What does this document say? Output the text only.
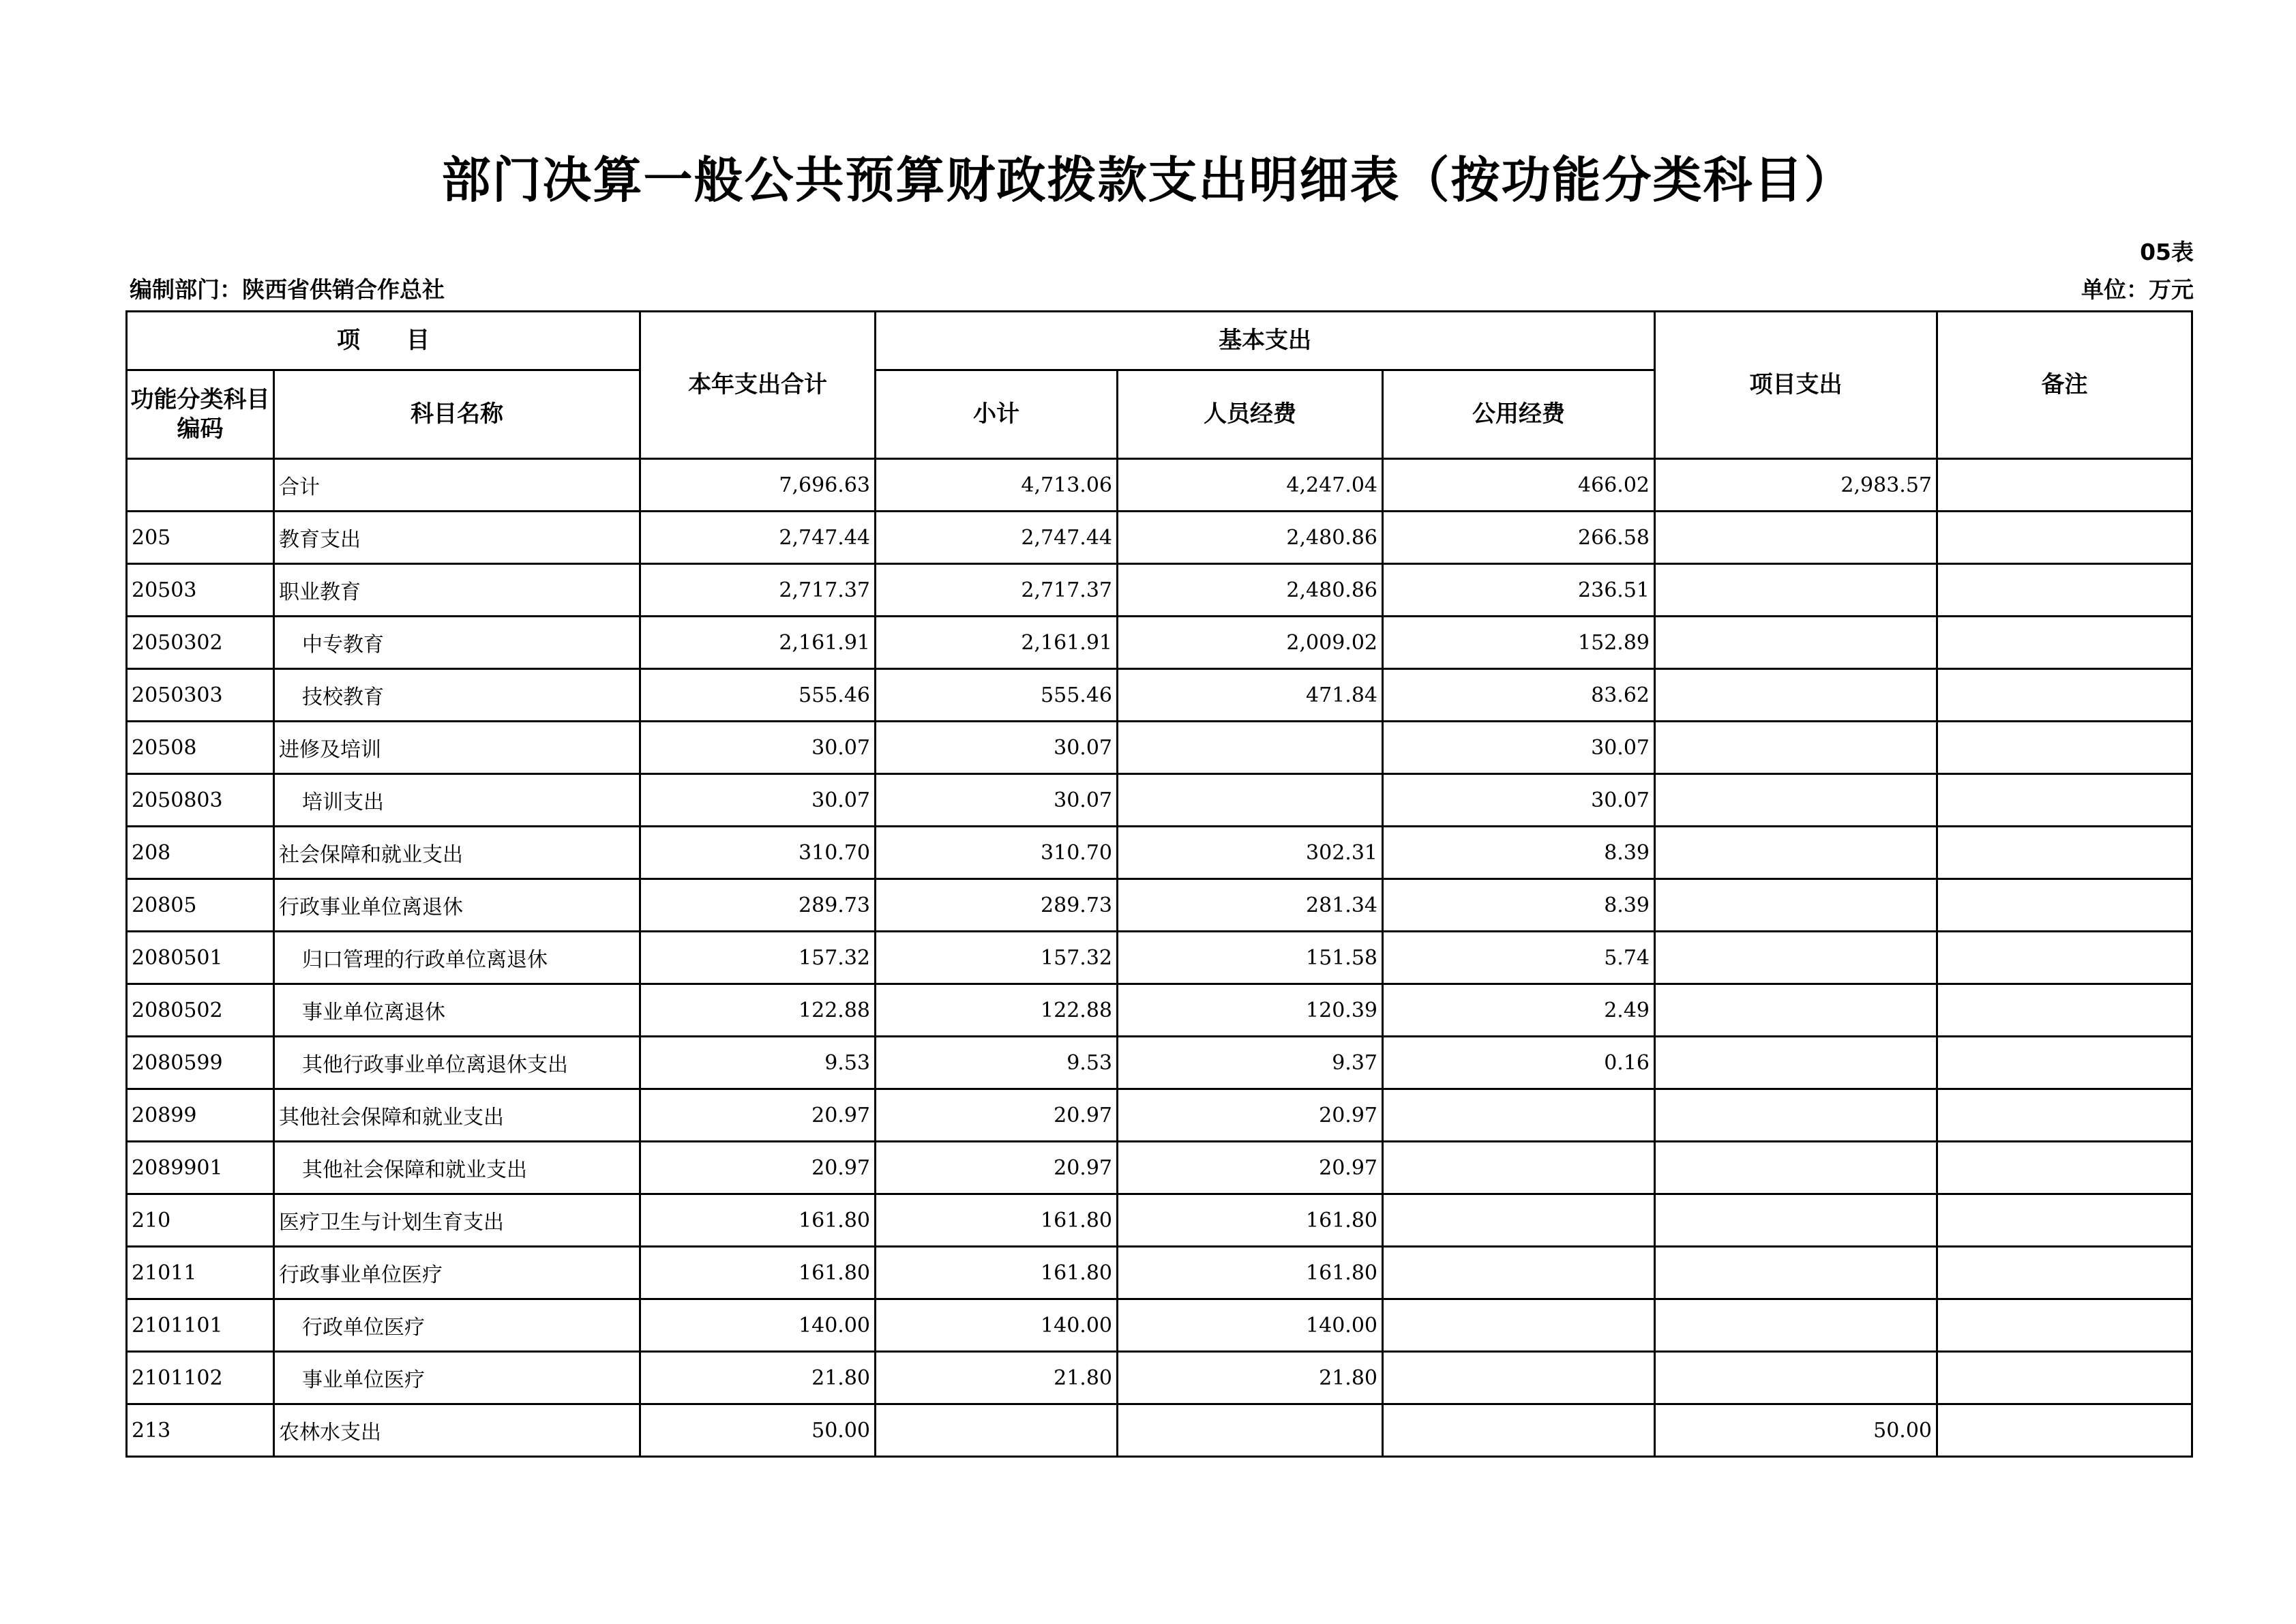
部门决算一般公共预算财政拨款支出明细表（按功能分类科目）
05表
编制部门：陕西省供销合作总社	单位：万元
项　　目		本年支出合计	基本支出			项目支出	备注
功能分类科目编码	科目名称		小计	人员经费	公用经费		
	合计	7,696.63	4,713.06	4,247.04	466.02	2,983.57	
205	教育支出	2,747.44	2,747.44	2,480.86	266.58		
20503	职业教育	2,717.37	2,717.37	2,480.86	236.51		
2050302	中专教育	2,161.91	2,161.91	2,009.02	152.89		
2050303	技校教育	555.46	555.46	471.84	83.62		
20508	进修及培训	30.07	30.07		30.07		
2050803	培训支出	30.07	30.07		30.07		
208	社会保障和就业支出	310.70	310.70	302.31	8.39		
20805	行政事业单位离退休	289.73	289.73	281.34	8.39		
2080501	归口管理的行政单位离退休	157.32	157.32	151.58	5.74		
2080502	事业单位离退休	122.88	122.88	120.39	2.49		
2080599	其他行政事业单位离退休支出	9.53	9.53	9.37	0.16		
20899	其他社会保障和就业支出	20.97	20.97	20.97			
2089901	其他社会保障和就业支出	20.97	20.97	20.97			
210	医疗卫生与计划生育支出	161.80	161.80	161.80			
21011	行政事业单位医疗	161.80	161.80	161.80			
2101101	行政单位医疗	140.00	140.00	140.00			
2101102	事业单位医疗	21.80	21.80	21.80			
213	农林水支出	50.00				50.00	
